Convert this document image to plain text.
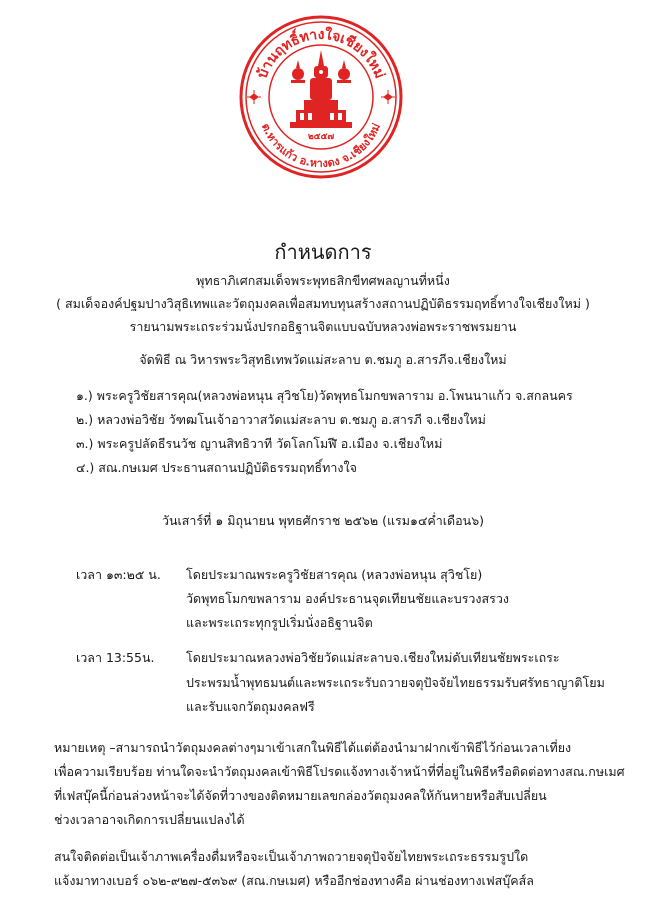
บ้านฤทธิ์ทางใจเชียงใหม่
ต.หารแก้ว อ.หางดง จ.เชียงใหม่
๒๕๕๗
กำหนดการ
พุทธาภิเศกสมเด็จพระพุทธสิกขีทศพลญานที่หนึ่ง
( สมเด็จองค์ปฐมปางวิสุธิเทพและวัตถุมงคลเพื่อสมทบทุนสร้างสถานปฏิบัติธรรมฤทธิ์ทางใจเชียงใหม่ )
รายนามพระเถระร่วมนั่งปรกอธิฐานจิตแบบฉบับหลวงพ่อพระราชพรมยาน
จัดพิธี ณ วิหารพระวิสุทธิเทพวัดแม่สะลาบ ต.ชมภู อ.สารภีจ.เชียงใหม่
๑.) พระครูวิชัยสารคุณ(หลวงพ่อหนุน สุวิชโย)วัดพุทธโมกขพลาราม อ.โพนนาแก้ว จ.สกลนคร
๒.) หลวงพ่อวิชัย วัฑฒโนเจ้าอาวาสวัดแม่สะลาบ ต.ชมภู อ.สารภี จ.เชียงใหม่
๓.) พระครูปลัดธีรนวัช ญานสิทธิวาที วัดโลกโมฬี อ.เมือง จ.เชียงใหม่
๔.) สณ.กษเมศ ประธานสถานปฏิบัติธรรมฤทธิ์ทางใจ
วันเสาร์ที่ ๑ มิถุนายน พุทธศักราช ๒๕๖๒ (แรม๑๔ค่ำเดือน๖)
เวลา ๑๓:๒๕ น. โดยประมาณพระครูวิชัยสารคุณ (หลวงพ่อหนุน สุวิชโย)
วัดพุทธโมกขพลาราม องค์ประธานจุดเทียนชัยและบรวงสรวง
และพระเถระทุกรูปเริ่มนั่งอธิฐานจิต
เวลา 13:55น.	โดยประมาณหลวงพ่อวิชัยวัดแม่สะลาบจ.เชียงใหม่ดับเทียนชัยพระเถระ
ประพรมน้ำพุทธมนต์และพระเถระรับถวายจตุปัจจัยไทยธรรมรับศรัทธาญาติโยม
และรับแจกวัตถุมงคลฟรี
หมายเหตุ –สามารถนำวัตถุมงคลต่างๆมาเข้าเสกในพิธีได้แต่ต้องนำมาฝากเข้าพิธีไว้ก่อนเวลาเที่ยง
เพื่อความเรียบร้อย ท่านใดจะนำวัตถุมงคลเข้าพิธีโปรดแจ้งทางเจ้าหน้าที่ที่อยู่ในพิธีหรือติดต่อทางสณ.กษเมศ
ที่เฟสบุ๊คนี้ก่อนล่วงหน้าจะได้จัดที่วางของติดหมายเลขกล่องวัตถุมงคลให้กันหายหรือสับเปลี่ยน
ช่วงเวลาอาจเกิดการเปลี่ยนแปลงได้
สนใจติดต่อเป็นเจ้าภาพเครื่องดื่มหรือจะเป็นเจ้าภาพถวายจตุปัจจัยไทยพระเถระธรรมรูปใด
แจ้งมาทางเบอร์ ๐๖๒-๙๒๗-๕๓๖๙ (สณ.กษเมศ) หรืออีกช่องทางคือ ผ่านช่องทางเฟสบุ๊คส์ล
